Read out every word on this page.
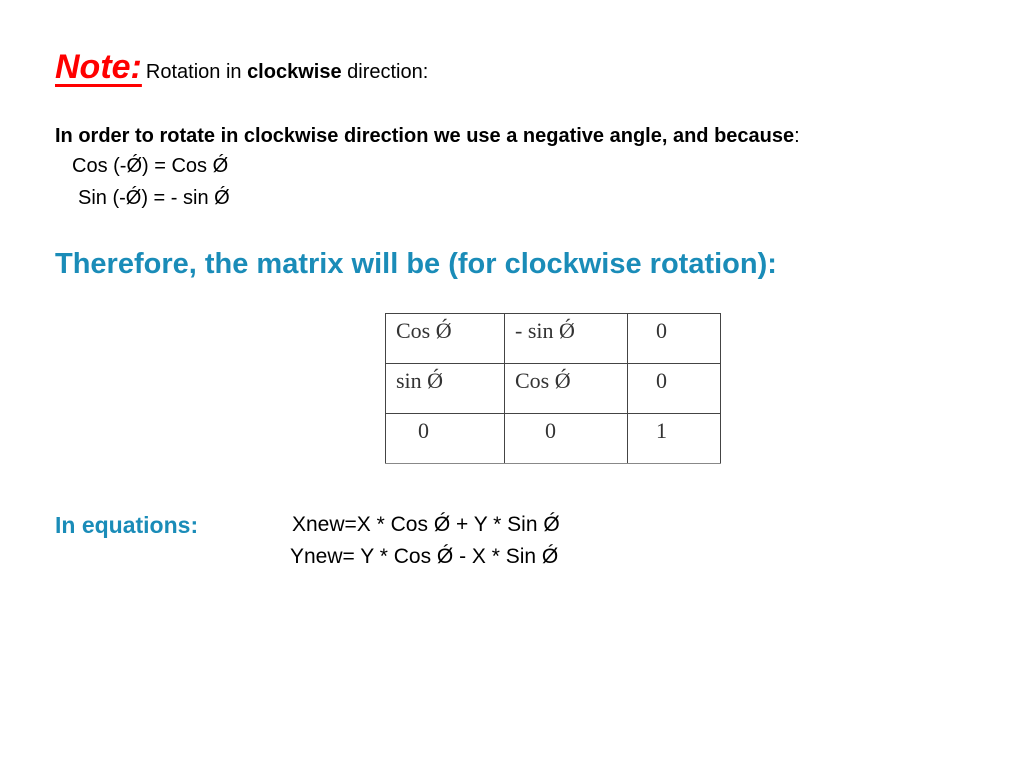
Note:Rotation in clockwise direction:
In order to rotate in clockwise direction we use a negative angle, and because:
Cos (-Ǿ) = Cos Ǿ
Sin (-Ǿ) = - sin Ǿ
Therefore, the matrix will be (for clockwise rotation):
Cos Ǿ	- sin Ǿ	0
sin Ǿ	Cos Ǿ	0
0	0	1
In equations:	Xnew=X * Cos Ǿ + Y * Sin Ǿ
Ynew= Y * Cos Ǿ - X * Sin Ǿ
